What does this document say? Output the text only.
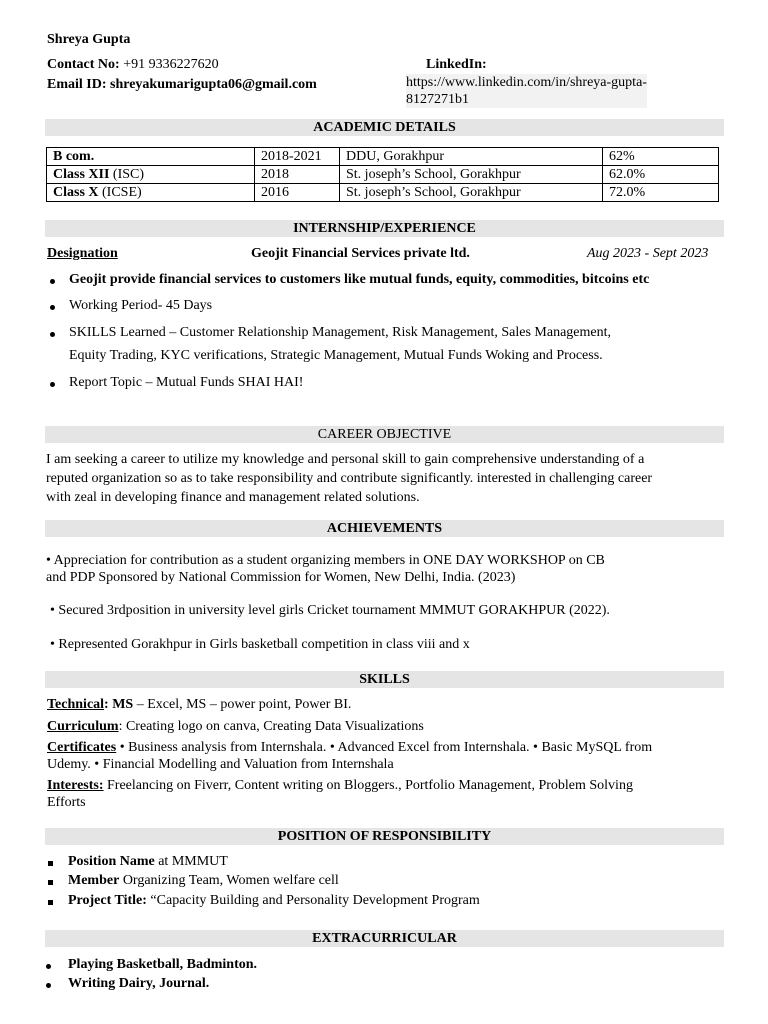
Shreya Gupta
Contact No: +91 9336227620
Email ID: shreyakumarigupta06@gmail.com
LinkedIn:
https://www.linkedin.com/in/shreya-gupta-
8127271b1
ACADEMIC DETAILS
B com.	2018-2021	DDU, Gorakhpur	62%
Class XII (ISC)	2018	St. joseph’s School, Gorakhpur	62.0%
Class X (ICSE)	2016	St. joseph’s School, Gorakhpur	72.0%
INTERNSHIP/EXPERIENCE
Designation	Geojit Financial Services private ltd.	Aug 2023 - Sept 2023
Geojit provide financial services to customers like mutual funds, equity, commodities, bitcoins etc
Working Period- 45 Days
SKILLS Learned – Customer Relationship Management, Risk Management, Sales Management,
Equity Trading, KYC verifications, Strategic Management, Mutual Funds Woking and Process.
Report Topic – Mutual Funds SHAI HAI!
CAREER OBJECTIVE
I am seeking a career to utilize my knowledge and personal skill to gain comprehensive understanding of a
reputed organization so as to take responsibility and contribute significantly. interested in challenging career
with zeal in developing finance and management related solutions.
ACHIEVEMENTS
• Appreciation for contribution as a student organizing members in ONE DAY WORKSHOP on CB
and PDP Sponsored by National Commission for Women, New Delhi, India. (2023)
• Secured 3rdposition in university level girls Cricket tournament MMMUT GORAKHPUR (2022).
• Represented Gorakhpur in Girls basketball competition in class viii and x
SKILLS
Technical: MS – Excel, MS – power point, Power BI.
Curriculum: Creating logo on canva, Creating Data Visualizations
Certificates • Business analysis from Internshala. • Advanced Excel from Internshala. • Basic MySQL from
Udemy. • Financial Modelling and Valuation from Internshala
Interests: Freelancing on Fiverr, Content writing on Bloggers., Portfolio Management, Problem Solving
Efforts
POSITION OF RESPONSIBILITY
Position Name at MMMUT
Member Organizing Team, Women welfare cell
Project Title: “Capacity Building and Personality Development Program
EXTRACURRICULAR
Playing Basketball, Badminton.
Writing Dairy, Journal.
